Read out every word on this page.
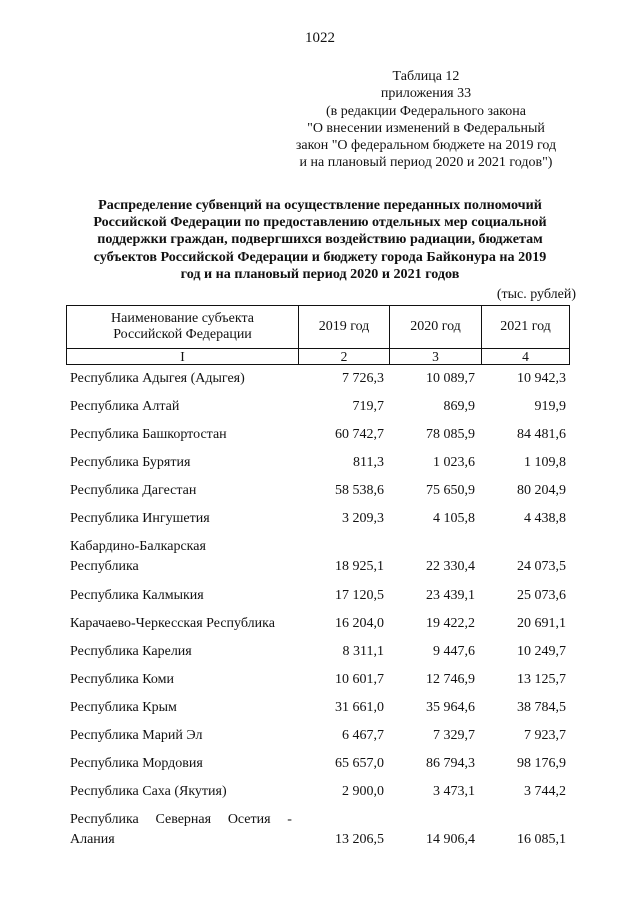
1022
Таблица 12
приложения 33
(в редакции Федерального закона
"О внесении изменений в Федеральный
закон "О федеральном бюджете на 2019 год
и на плановый период 2020 и 2021 годов")
Распределение субвенций на осуществление переданных полномочий
Российской Федерации по предоставлению отдельных мер социальной
поддержки граждан, подвергшихся воздействию радиации, бюджетам
субъектов Российской Федерации и бюджету города Байконура на 2019
год и на плановый период 2020 и 2021 годов
(тыс. рублей)
Наименование субъекта
Российской Федерации	2019 год	2020 год	2021 год
I	2	3	4
Республика Адыгея (Адыгея)	7 726,3	10 089,7	10 942,3
Республика Алтай	719,7	869,9	919,9
Республика Башкортостан	60 742,7	78 085,9	84 481,6
Республика Бурятия	811,3	1 023,6	1 109,8
Республика Дагестан	58 538,6	75 650,9	80 204,9
Республика Ингушетия	3 209,3	4 105,8	4 438,8
Кабардино-Балкарская
Республика	18 925,1	22 330,4	24 073,5
Республика Калмыкия	17 120,5	23 439,1	25 073,6
Карачаево-Черкесская Республика	16 204,0	19 422,2	20 691,1
Республика Карелия	8 311,1	9 447,6	10 249,7
Республика Коми	10 601,7	12 746,9	13 125,7
Республика Крым	31 661,0	35 964,6	38 784,5
Республика Марий Эл	6 467,7	7 329,7	7 923,7
Республика Мордовия	65 657,0	86 794,3	98 176,9
Республика Саха (Якутия)	2 900,0	3 473,1	3 744,2
Республика Северная Осетия -
Алания	13 206,5	14 906,4	16 085,1
